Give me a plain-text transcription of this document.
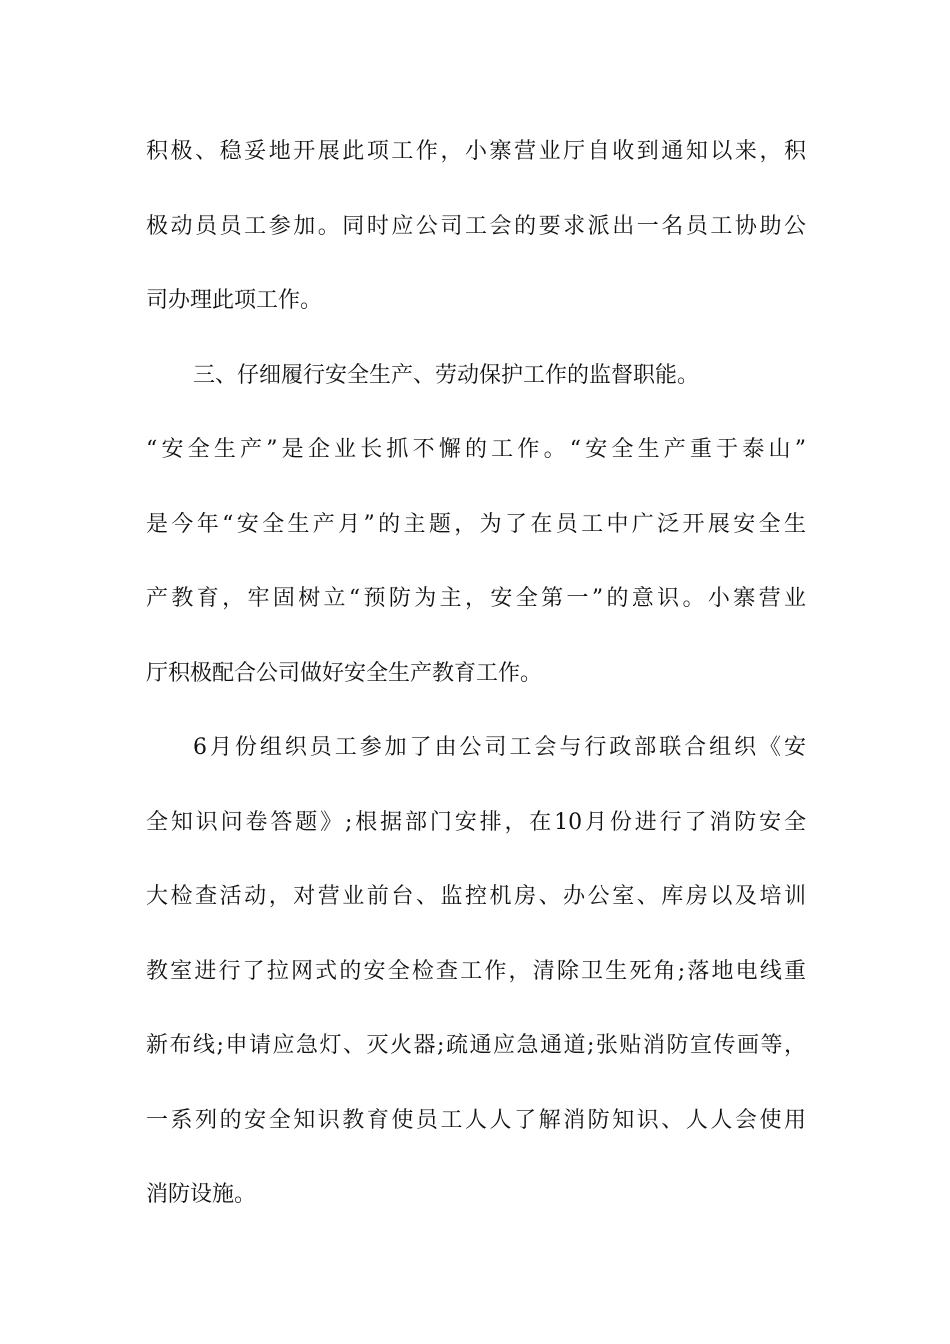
积极、稳妥地开展此项工作，小寨营业厅自收到通知以来，积
极动员员工参加。同时应公司工会的要求派出一名员工协助公
司办理此项工作。
三、仔细履行安全生产、劳动保护工作的监督职能。
“安全生产”是企业长抓不懈的工作。“安全生产重于泰山”
是今年“安全生产月”的主题，为了在员工中广泛开展安全生
产教育，牢固树立“预防为主，安全第一”的意识。小寨营业
厅积极配合公司做好安全生产教育工作。
6月份组织员工参加了由公司工会与行政部联合组织《安
全知识问卷答题》;根据部门安排，在10月份进行了消防安全
大检查活动，对营业前台、监控机房、办公室、库房以及培训
教室进行了拉网式的安全检查工作，清除卫生死角;落地电线重
新布线;申请应急灯、灭火器;疏通应急通道;张贴消防宣传画等，
一系列的安全知识教育使员工人人了解消防知识、人人会使用
消防设施。
